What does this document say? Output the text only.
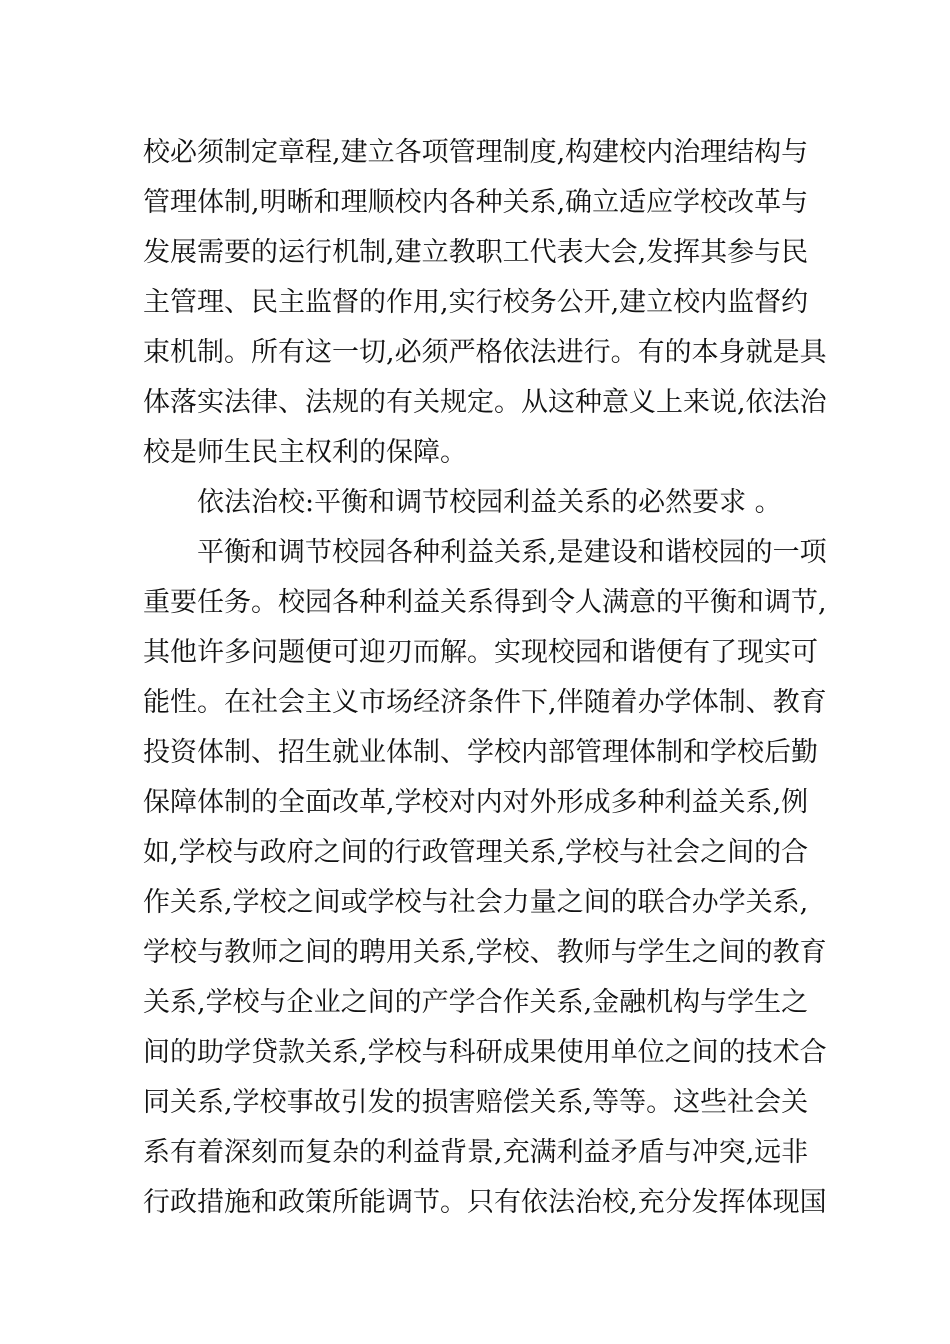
校必须制定章程,建立各项管理制度,构建校内治理结构与
管理体制,明晰和理顺校内各种关系,确立适应学校改革与
发展需要的运行机制,建立教职工代表大会,发挥其参与民
主管理、民主监督的作用,实行校务公开,建立校内监督约
束机制。所有这一切,必须严格依法进行。有的本身就是具
体落实法律、法规的有关规定。从这种意义上来说,依法治
校是师生民主权利的保障。
依法治校:平衡和调节校园利益关系的必然要求 。
平衡和调节校园各种利益关系,是建设和谐校园的一项
重要任务。校园各种利益关系得到令人满意的平衡和调节,
其他许多问题便可迎刃而解。实现校园和谐便有了现实可
能性。在社会主义市场经济条件下,伴随着办学体制、教育
投资体制、招生就业体制、学校内部管理体制和学校后勤
保障体制的全面改革,学校对内对外形成多种利益关系,例
如,学校与政府之间的行政管理关系,学校与社会之间的合
作关系,学校之间或学校与社会力量之间的联合办学关系,
学校与教师之间的聘用关系,学校、教师与学生之间的教育
关系,学校与企业之间的产学合作关系,金融机构与学生之
间的助学贷款关系,学校与科研成果使用单位之间的技术合
同关系,学校事故引发的损害赔偿关系,等等。这些社会关
系有着深刻而复杂的利益背景,充满利益矛盾与冲突,远非
行政措施和政策所能调节。只有依法治校,充分发挥体现国
